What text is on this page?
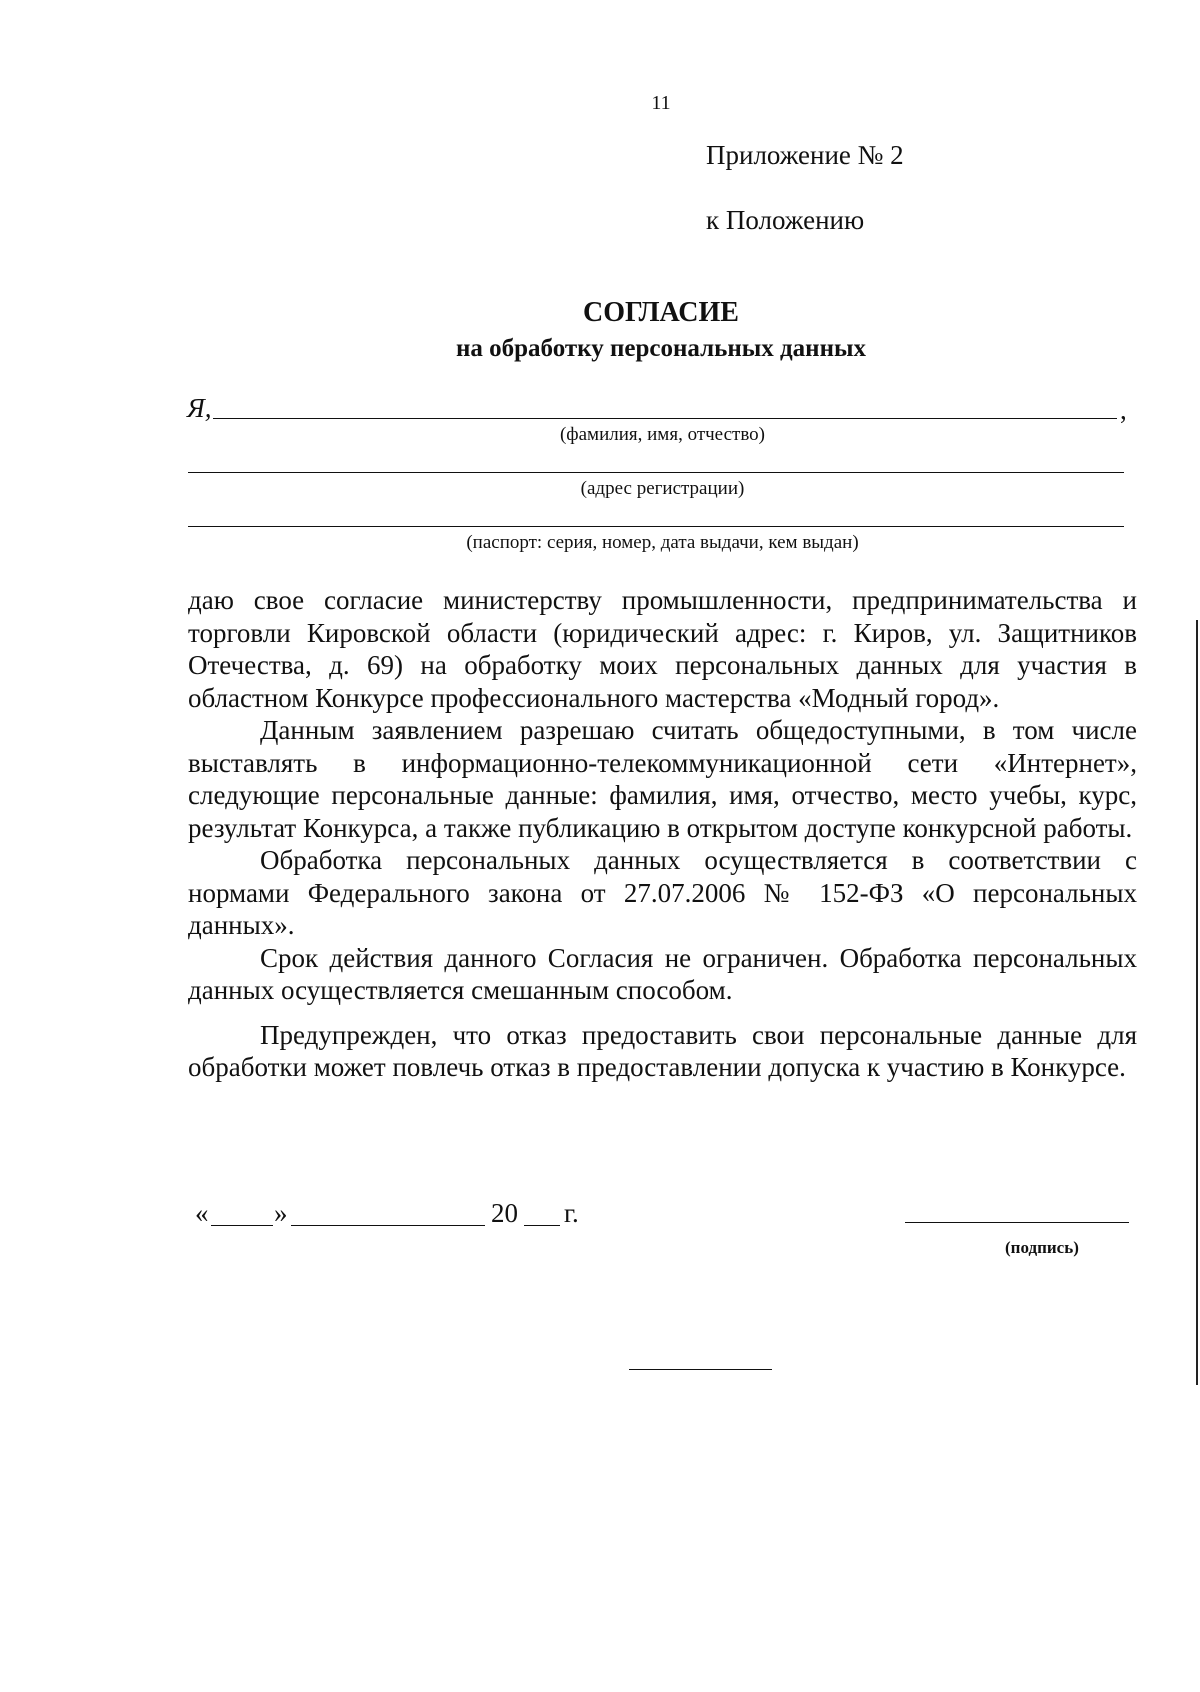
11
Приложение № 2
к Положению
СОГЛАСИЕ
на обработку персональных данных
Я,	,
(фамилия, имя, отчество)
(адрес регистрации)
(паспорт: серия, номер, дата выдачи, кем выдан)

даю свое согласие министерству промышленности, предпринимательства и торговли Кировской области (юридический адрес: г. Киров, ул. Защитников Отечества, д. 69) на обработку моих персональных данных для участия в областном Конкурсе профессионального мастерства «Модный город».

Данным заявлением разрешаю считать общедоступными, в том числе выставлять в информационно-телекоммуникационной сети «Интернет», следующие персональные данные: фамилия, имя, отчество, место учебы, курс, результат Конкурса, а также публикацию в открытом доступе конкурсной работы.

Обработка персональных данных осуществляется в соответствии с нормами Федерального закона от 27.07.2006 № 152-ФЗ «О персональных данных».

Срок действия данного Согласия не ограничен. Обработка персональных данных осуществляется смешанным способом.

Предупрежден, что отказ предоставить свои персональные данные для обработки может повлечь отказ в предоставлении допуска к участию в Конкурсе.

« »	20 г.
(подпись)
